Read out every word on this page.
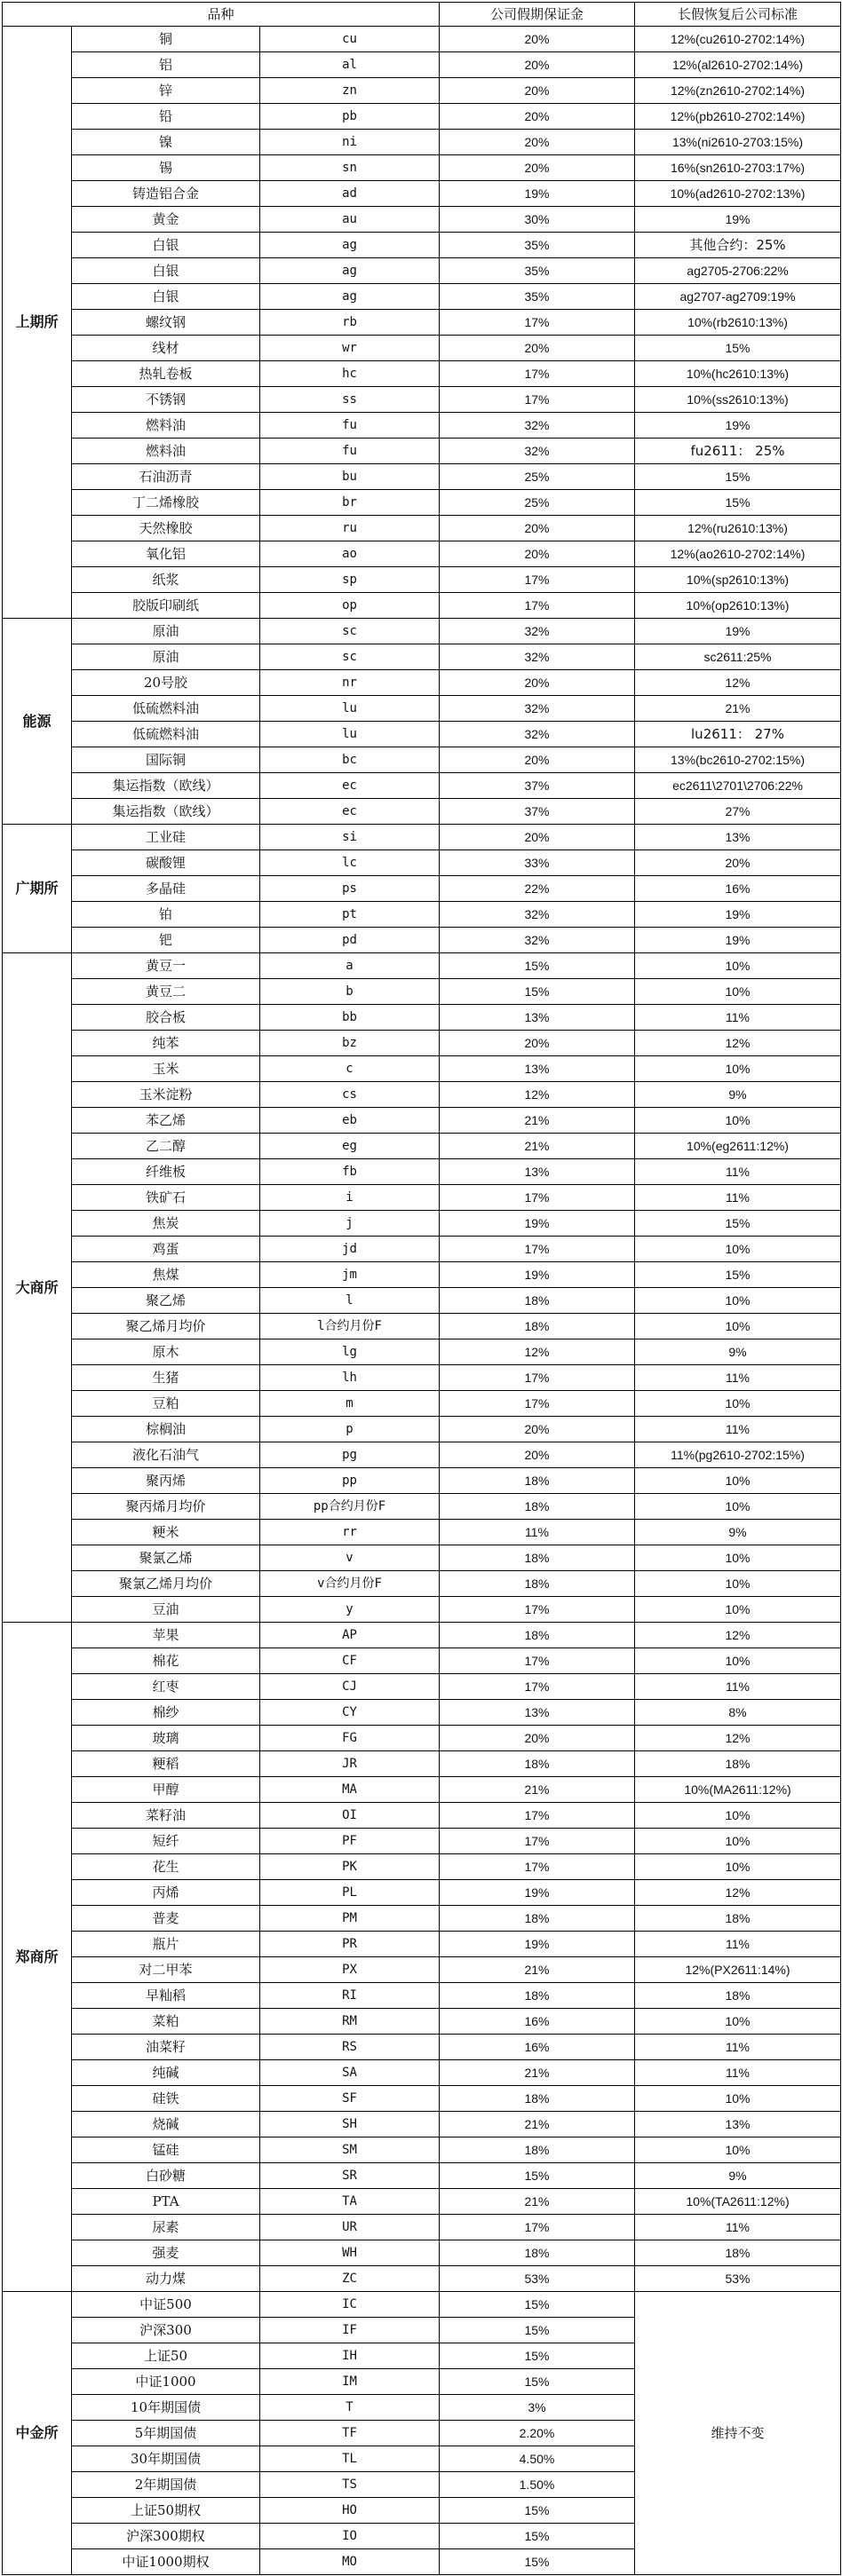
品种			公司假期保证金	长假恢复后公司标准
上期所	铜	cu	20%	12%(cu2610-2702:14%)
	铝	al	20%	12%(al2610-2702:14%)
	锌	zn	20%	12%(zn2610-2702:14%)
	铅	pb	20%	12%(pb2610-2702:14%)
	镍	ni	20%	13%(ni2610-2703:15%)
	锡	sn	20%	16%(sn2610-2703:17%)
	铸造铝合金	ad	19%	10%(ad2610-2702:13%)
	黄金	au	30%	19%
	白银	ag	35%	其他合约：25%
	白银	ag	35%	ag2705-2706:22%
	白银	ag	35%	ag2707-ag2709:19%
	螺纹钢	rb	17%	10%(rb2610:13%)
	线材	wr	20%	15%
	热轧卷板	hc	17%	10%(hc2610:13%)
	不锈钢	ss	17%	10%(ss2610:13%)
	燃料油	fu	32%	19%
	燃料油	fu	32%	fu2611： 25%
	石油沥青	bu	25%	15%
	丁二烯橡胶	br	25%	15%
	天然橡胶	ru	20%	12%(ru2610:13%)
	氧化铝	ao	20%	12%(ao2610-2702:14%)
	纸浆	sp	17%	10%(sp2610:13%)
	胶版印刷纸	op	17%	10%(op2610:13%)
能源	原油	sc	32%	19%
	原油	sc	32%	sc2611:25%
	20号胶	nr	20%	12%
	低硫燃料油	lu	32%	21%
	低硫燃料油	lu	32%	lu2611： 27%
	国际铜	bc	20%	13%(bc2610-2702:15%)
	集运指数（欧线）	ec	37%	ec2611\2701\2706:22%
	集运指数（欧线）	ec	37%	27%
广期所	工业硅	si	20%	13%
	碳酸锂	lc	33%	20%
	多晶硅	ps	22%	16%
	铂	pt	32%	19%
	钯	pd	32%	19%
大商所	黄豆一	a	15%	10%
	黄豆二	b	15%	10%
	胶合板	bb	13%	11%
	纯苯	bz	20%	12%
	玉米	c	13%	10%
	玉米淀粉	cs	12%	9%
	苯乙烯	eb	21%	10%
	乙二醇	eg	21%	10%(eg2611:12%)
	纤维板	fb	13%	11%
	铁矿石	i	17%	11%
	焦炭	j	19%	15%
	鸡蛋	jd	17%	10%
	焦煤	jm	19%	15%
	聚乙烯	l	18%	10%
	聚乙烯月均价	l合约月份F	18%	10%
	原木	lg	12%	9%
	生猪	lh	17%	11%
	豆粕	m	17%	10%
	棕榈油	p	20%	11%
	液化石油气	pg	20%	11%(pg2610-2702:15%)
	聚丙烯	pp	18%	10%
	聚丙烯月均价	pp合约月份F	18%	10%
	粳米	rr	11%	9%
	聚氯乙烯	v	18%	10%
	聚氯乙烯月均价	v合约月份F	18%	10%
	豆油	y	17%	10%
郑商所	苹果	AP	18%	12%
	棉花	CF	17%	10%
	红枣	CJ	17%	11%
	棉纱	CY	13%	8%
	玻璃	FG	20%	12%
	粳稻	JR	18%	18%
	甲醇	MA	21%	10%(MA2611:12%)
	菜籽油	OI	17%	10%
	短纤	PF	17%	10%
	花生	PK	17%	10%
	丙烯	PL	19%	12%
	普麦	PM	18%	18%
	瓶片	PR	19%	11%
	对二甲苯	PX	21%	12%(PX2611:14%)
	早籼稻	RI	18%	18%
	菜粕	RM	16%	10%
	油菜籽	RS	16%	11%
	纯碱	SA	21%	11%
	硅铁	SF	18%	10%
	烧碱	SH	21%	13%
	锰硅	SM	18%	10%
	白砂糖	SR	15%	9%
	PTA	TA	21%	10%(TA2611:12%)
	尿素	UR	17%	11%
	强麦	WH	18%	18%
	动力煤	ZC	53%	53%
中金所	中证500	IC	15%	维持不变
	沪深300	IF	15%	
	上证50	IH	15%	
	中证1000	IM	15%	
	10年期国债	T	3%	
	5年期国债	TF	2.20%	
	30年期国债	TL	4.50%	
	2年期国债	TS	1.50%	
	上证50期权	HO	15%	
	沪深300期权	IO	15%	
	中证1000期权	MO	15%	
